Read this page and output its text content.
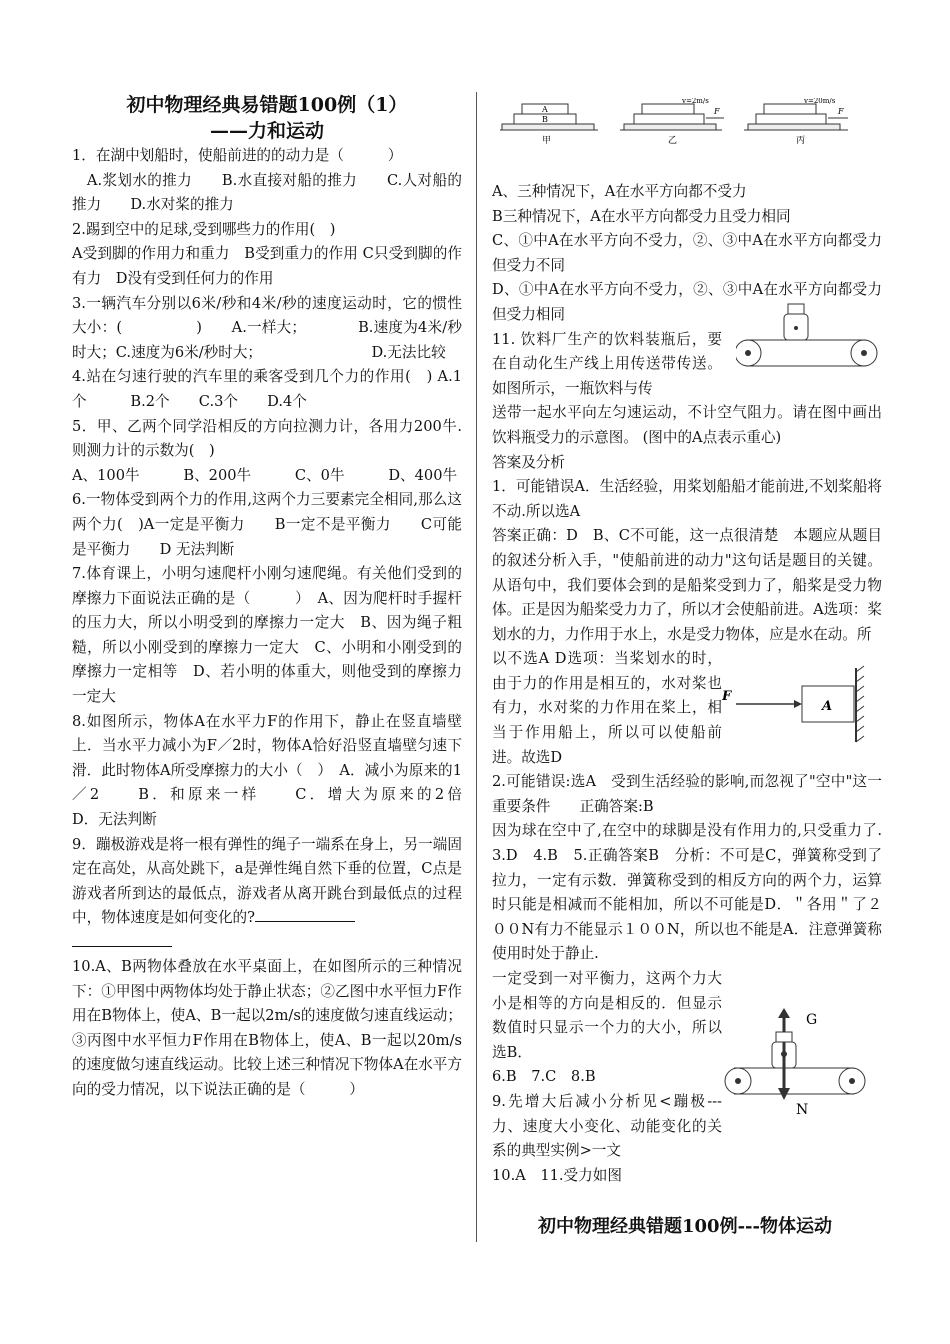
初中物理经典易错题100例（1）
——力和运动

1．在湖中划船时，使船前进的的动力是（　　　）

　A.浆划水的推力　　B.水直接对船的推力　　C.人对船的推力　　D.水对桨的推力

2.踢到空中的足球,受到哪些力的作用(　)

A受到脚的作用力和重力　B受到重力的作用 C只受到脚的作有力　D没有受到任何力的作用

3.一辆汽车分别以6米/秒和4米/秒的速度运动时，它的惯性大小：(　　　　　)　　A.一样大；　　　　B.速度为4米/秒时大；C.速度为6米/秒时大；　　　　　　　　D.无法比较

4.站在匀速行驶的汽车里的乘客受到几个力的作用(　) A.1个　　　B.2个　　C.3个　　D.4个

5．甲、乙两个同学沿相反的方向拉测力计，各用力200牛.则测力计的示数为(　)

A、100牛　　　B、200牛　　　C、0牛　　　D、400牛

6.一物体受到两个力的作用,这两个力三要素完全相同,那么这两个力(　)A一定是平衡力　　B一定不是平衡力　　C可能是平衡力　　D 无法判断

7.体育课上，小明匀速爬杆小刚匀速爬绳。有关他们受到的摩擦力下面说法正确的是（　　　）　A、因为爬杆时手握杆的压力大，所以小明受到的摩擦力一定大　B、因为绳子粗糙，所以小刚受到的摩擦力一定大　C、小明和小刚受到的摩擦力一定相等　D、若小明的体重大，则他受到的摩擦力一定大

8.如图所示，物体A在水平力F的作用下，静止在竖直墙壁上．当水平力减小为F／2时，物体A恰好沿竖直墙壁匀速下滑．此时物体A所受摩擦力的大小（　）　A．减小为原来的1／2　　B．和原来一样　　C．增大为原来的2倍　　　　　　　　　D．无法判断

9．蹦极游戏是将一根有弹性的绳子一端系在身上，另一端固定在高处，从高处跳下，a是弹性绳自然下垂的位置，C点是游戏者所到达的最低点，游戏者从离开跳台到最低点的过程中，物体速度是如何变化的?

10.A、B两物体叠放在水平桌面上，在如图所示的三种情况下：①甲图中两物体均处于静止状态；②乙图中水平恒力F作用在B物体上，使A、B一起以2m/s的速度做匀速直线运动；③丙图中水平恒力F作用在B物体上，使A、B一起以20m/s的速度做匀速直线运动。比较上述三种情况下物体A在水平方向的受力情况，以下说法正确的是（　　　）

A
B
甲
v=2m/s
F
乙
v=20m/s
F
丙

A、三种情况下，A在水平方向都不受力

B三种情况下，A在水平方向都受力且受力相同

C、①中A在水平方向不受力，②、③中A在水平方向都受力但受力不同

D、①中A在水平方向不受力，②、③中A在水平方向都受力但受力相同

11. 饮料厂生产的饮料装瓶后，要在自动化生产线上用传送带传送。如图所示，一瓶饮料与传

送带一起水平向左匀速运动，不计空气阻力。请在图中画出饮料瓶受力的示意图。 (图中的A点表示重心)

答案及分析

1．可能错误A．生活经验，用桨划船船才能前进,不划桨船将不动.所以选A

答案正确：D　B、C不可能，这一点很清楚　本题应从题目的叙述分析入手，"使船前进的动力"这句话是题目的关键。从语句中，我们要体会到的是船桨受到力了，船桨是受力物体。正是因为船桨受力力了，所以才会使船前进。A选项：桨划水的力，力作用于水上，水是受力物体，应是水在动。所

以不选A D选项：当桨划水的时，由于力的作用是相互的，水对桨也有力，水对桨的力作用在桨上，相当于作用船上，所以可以使船前进。故选D

2.可能错误:选A　受到生活经验的影响,而忽视了"空中"这一重要条件　　正确答案:B

因为球在空中了,在空中的球脚是没有作用力的,只受重力了.　3.D　4.B　5.正确答案B　分析：不可是C，弹簧称受到了拉力，一定有示数．弹簧称受到的相反方向的两个力，运算时只能是相减而不能相加，所以不可能是D．＂各用＂了２００N有力不能显示１００N，所以也不能是A．注意弹簧称使用时处于静止.

一定受到一对平衡力，这两个力大小是相等的方向是相反的．但显示数值时只显示一个力的大小，所以选B．

6.B　7.C　8.B

9.先增大后减小分析见<蹦极---力、速度大小变化、动能变化的关系的典型实例>一文

10.A　11.受力如图

F
A
G
N
初中物理经典错题100例---物体运动
